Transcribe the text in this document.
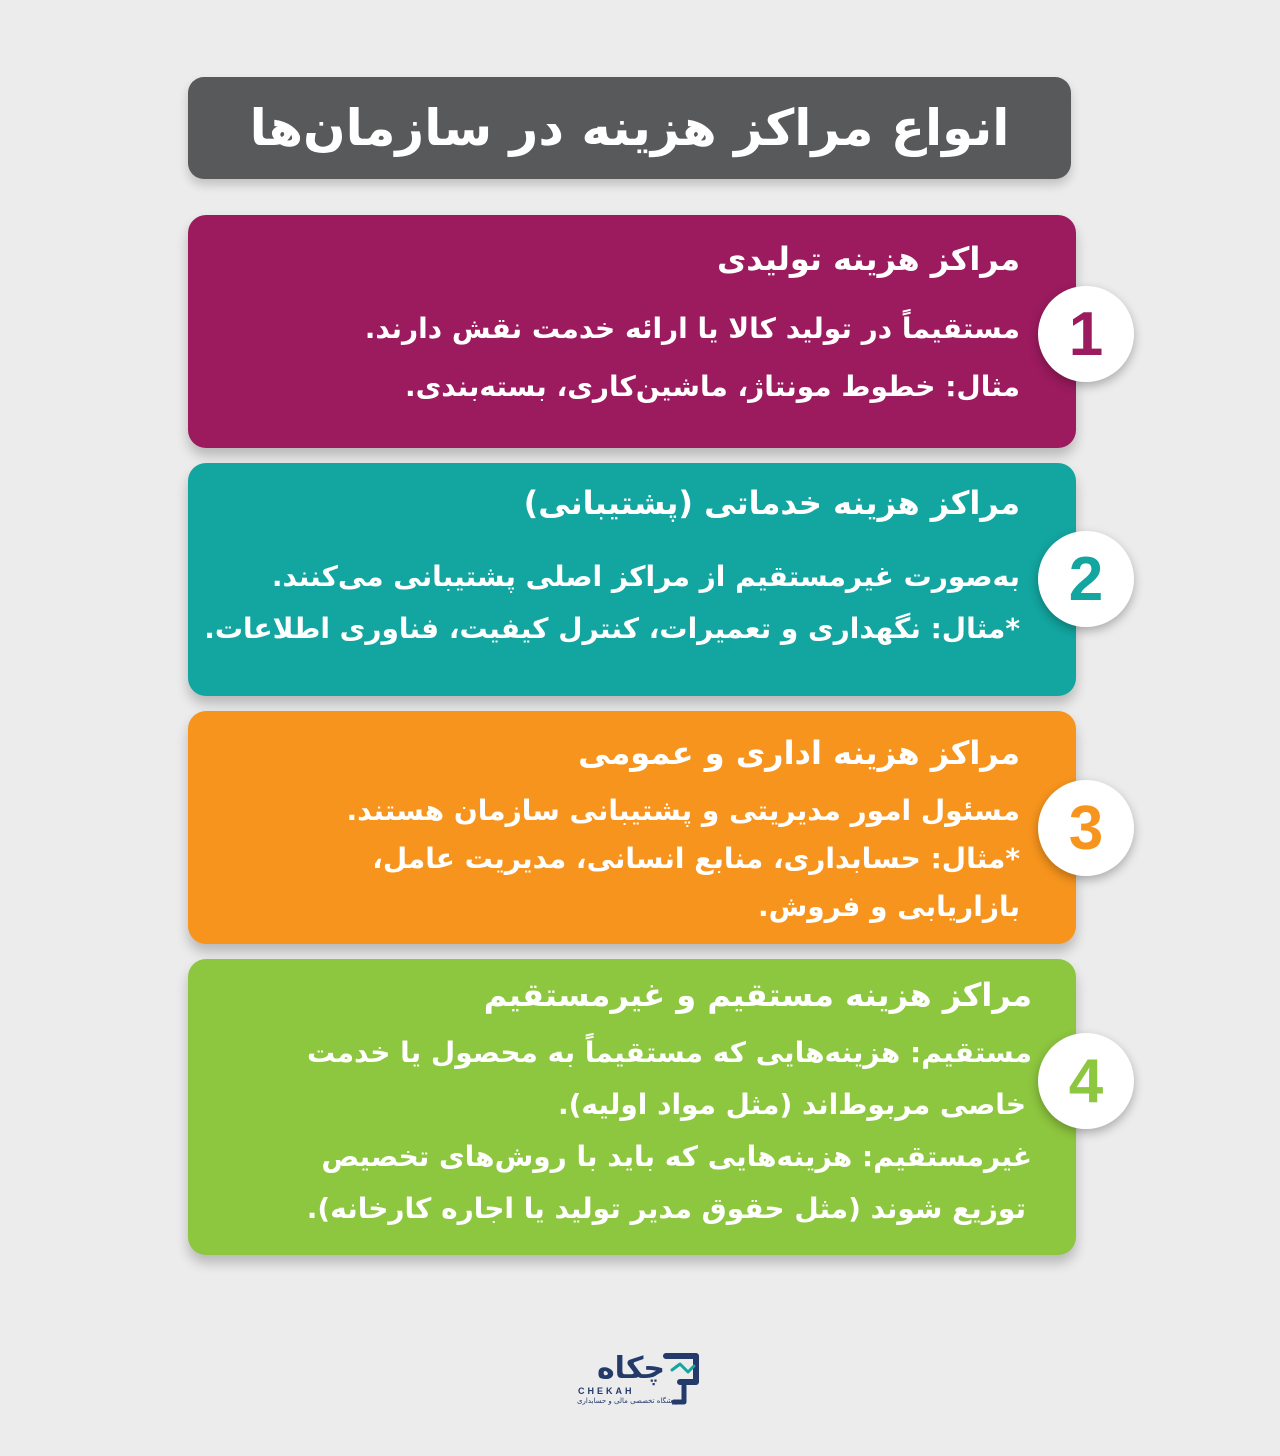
انواع مراکز هزینه در سازمان‌ها
مراکز هزینه تولیدی
مستقیماً در تولید کالا یا ارائه خدمت نقش دارند.
مثال: خطوط مونتاژ، ماشین‌کاری، بسته‌بندی.
1
مراکز هزینه خدماتی (پشتیبانی)
به‌صورت غیرمستقیم از مراکز اصلی پشتیبانی می‌کنند.
*مثال: نگهداری و تعمیرات، کنترل کیفیت، فناوری اطلاعات.
2
مراکز هزینه اداری و عمومی
مسئول امور مدیریتی و پشتیبانی سازمان هستند.
*مثال: حسابداری، منابع انسانی، مدیریت عامل،
بازاریابی و فروش.
3
مراکز هزینه مستقیم و غیرمستقیم
مستقیم: هزینه‌هایی که مستقیماً به محصول یا خدمت
خاصی مربوط‌اند (مثل مواد اولیه).
غیرمستقیم: هزینه‌هایی که باید با روش‌های تخصیص
توزیع شوند (مثل حقوق مدیر تولید یا اجاره کارخانه).
4
چکاه
CHEKAH
آموزشگاه تخصصی مالی و حسابداری
